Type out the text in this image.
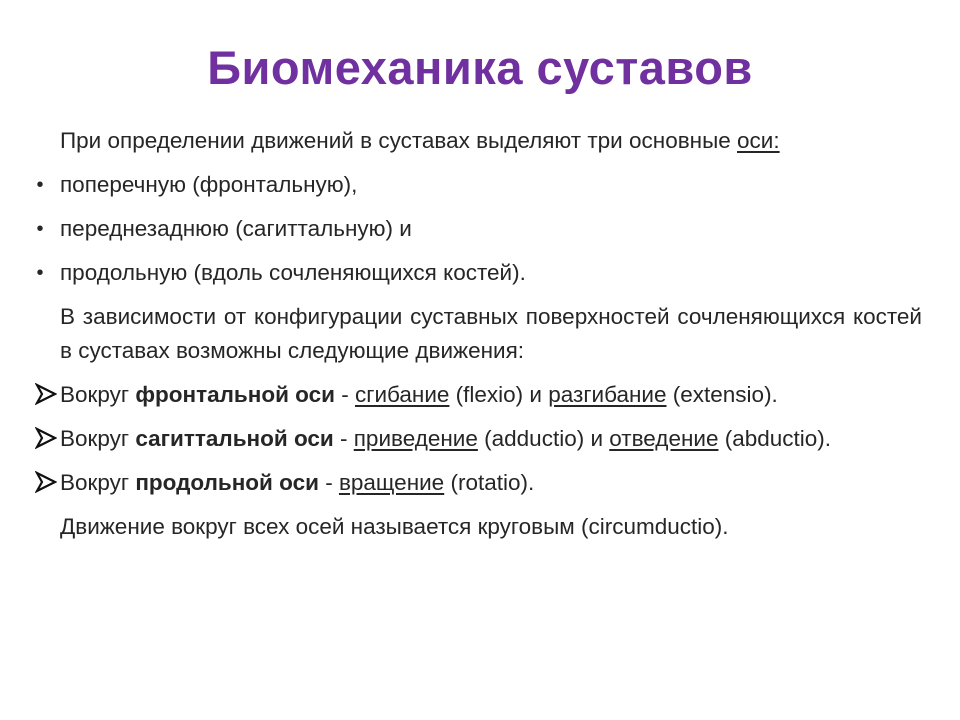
Биомеханика суставов
При определении движений в суставах выделяют три основные оси:
• поперечную (фронтальную),
• переднезаднюю (сагиттальную) и
• продольную (вдоль сочленяющихся костей).
В зависимости от конфигурации суставных поверхностей сочленяющихся костей в суставах возможны следующие движения:
Вокруг фронтальной оси - сгибание (flexio) и разгибание (extensio).
Вокруг сагиттальной оси - приведение (adductio) и отведение (abductio).
Вокруг продольной оси - вращение (rotatio).
Движение вокруг всех осей называется круговым (circumductio).
